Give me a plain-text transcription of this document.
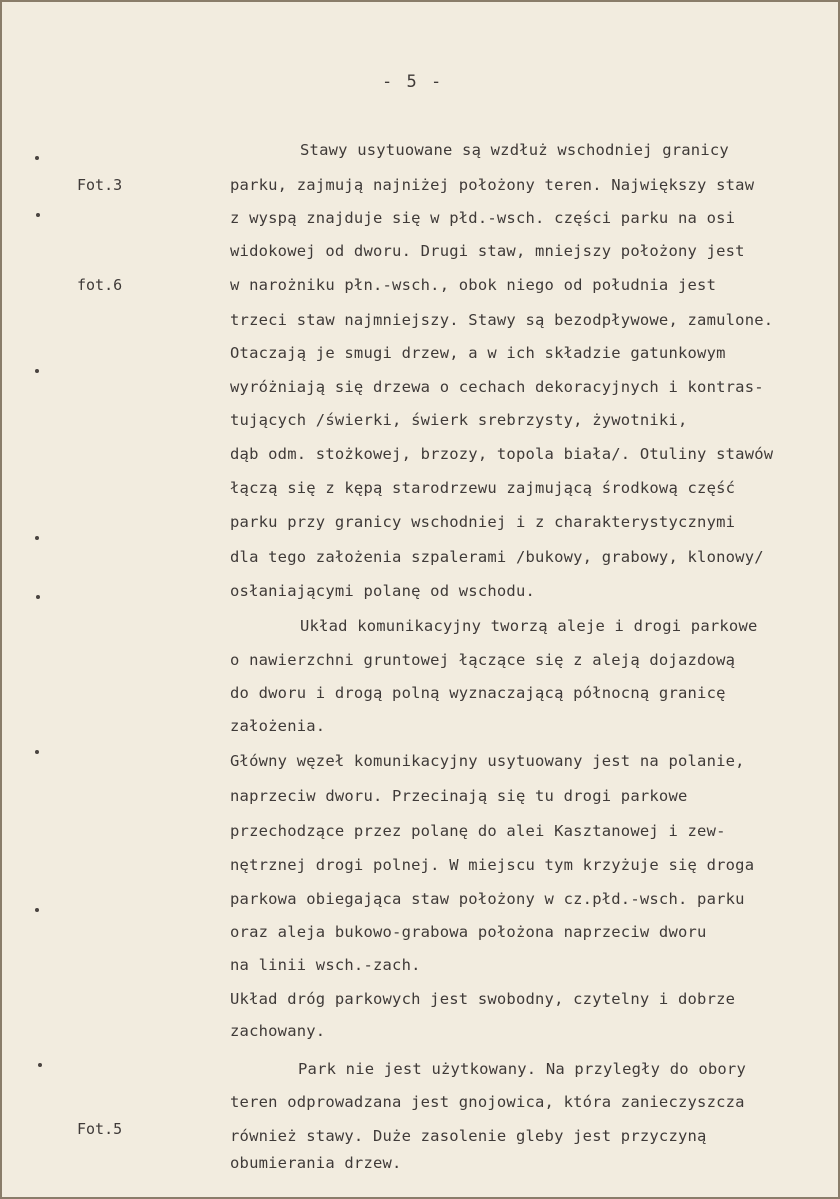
- 5 -
Fot.3
fot.6
Fot.5
Stawy usytuowane są wzdłuż wschodniej granicy
parku, zajmują najniżej położony teren. Największy staw
z wyspą znajduje się w płd.-wsch. części parku na osi
widokowej od dworu. Drugi staw, mniejszy położony jest
w narożniku płn.-wsch., obok niego od południa jest
trzeci staw najmniejszy. Stawy są bezodpływowe, zamulone.
Otaczają je smugi drzew, a w ich składzie gatunkowym
wyróżniają się drzewa o cechach dekoracyjnych i kontras-
tujących /świerki, świerk srebrzysty, żywotniki,
dąb odm. stożkowej, brzozy, topola biała/. Otuliny stawów
łączą się z kępą starodrzewu zajmującą środkową część
parku przy granicy wschodniej i z charakterystycznymi
dla tego założenia szpalerami /bukowy, grabowy, klonowy/
osłaniającymi polanę od wschodu.
Układ komunikacyjny tworzą aleje i drogi parkowe
o nawierzchni gruntowej łączące się z aleją dojazdową
do dworu i drogą polną wyznaczającą północną granicę
założenia.
Główny węzeł komunikacyjny usytuowany jest na polanie,
naprzeciw dworu. Przecinają się tu drogi parkowe
przechodzące przez polanę do alei Kasztanowej i zew-
nętrznej drogi polnej. W miejscu tym krzyżuje się droga
parkowa obiegająca staw położony w cz.płd.-wsch. parku
oraz aleja bukowo-grabowa położona naprzeciw dworu
na linii wsch.-zach.
Układ dróg parkowych jest swobodny, czytelny i dobrze
zachowany.
Park nie jest użytkowany. Na przyległy do obory
teren odprowadzana jest gnojowica, która zanieczyszcza
również stawy. Duże zasolenie gleby jest przyczyną
obumierania drzew.
